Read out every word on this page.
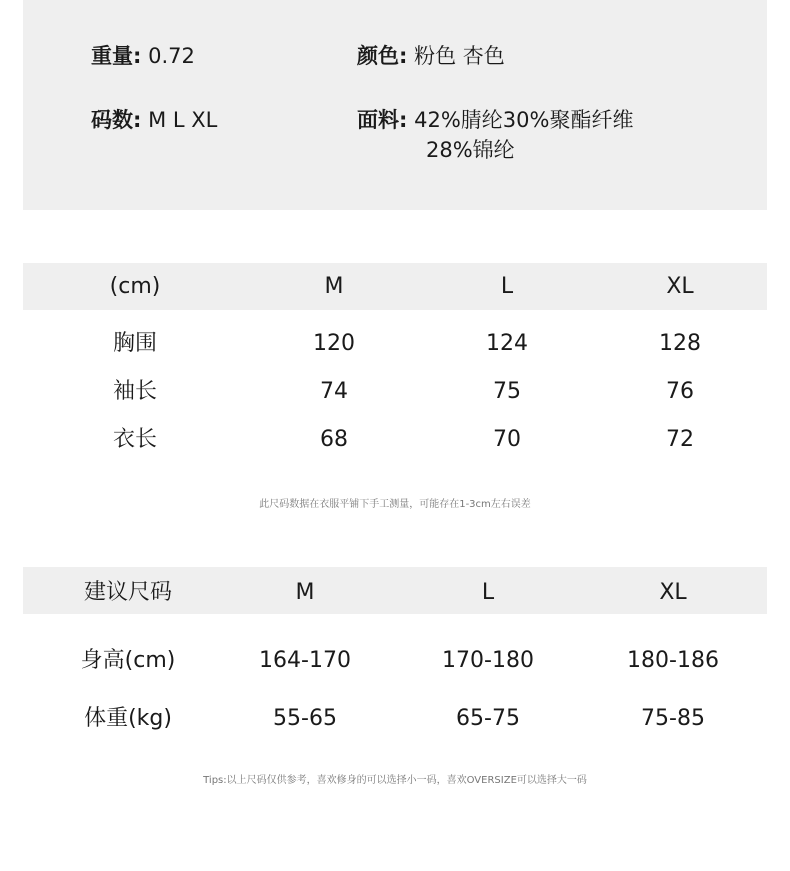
重量: 0.72	颜色: 粉色 杏色
码数: M L XL	面料: 42%腈纶30%聚酯纤维
28%锦纶
(cm)	M	L	XL
胸围	120	124	128
袖长	74	75	76
衣长	68	70	72
此尺码数据在衣服平铺下手工测量，可能存在1-3cm左右误差
建议尺码	M	L	XL
身高(cm)	164-170	170-180	180-186
体重(kg)	55-65	65-75	75-85
Tips:以上尺码仅供参考，喜欢修身的可以选择小一码，喜欢OVERSIZE可以选择大一码
